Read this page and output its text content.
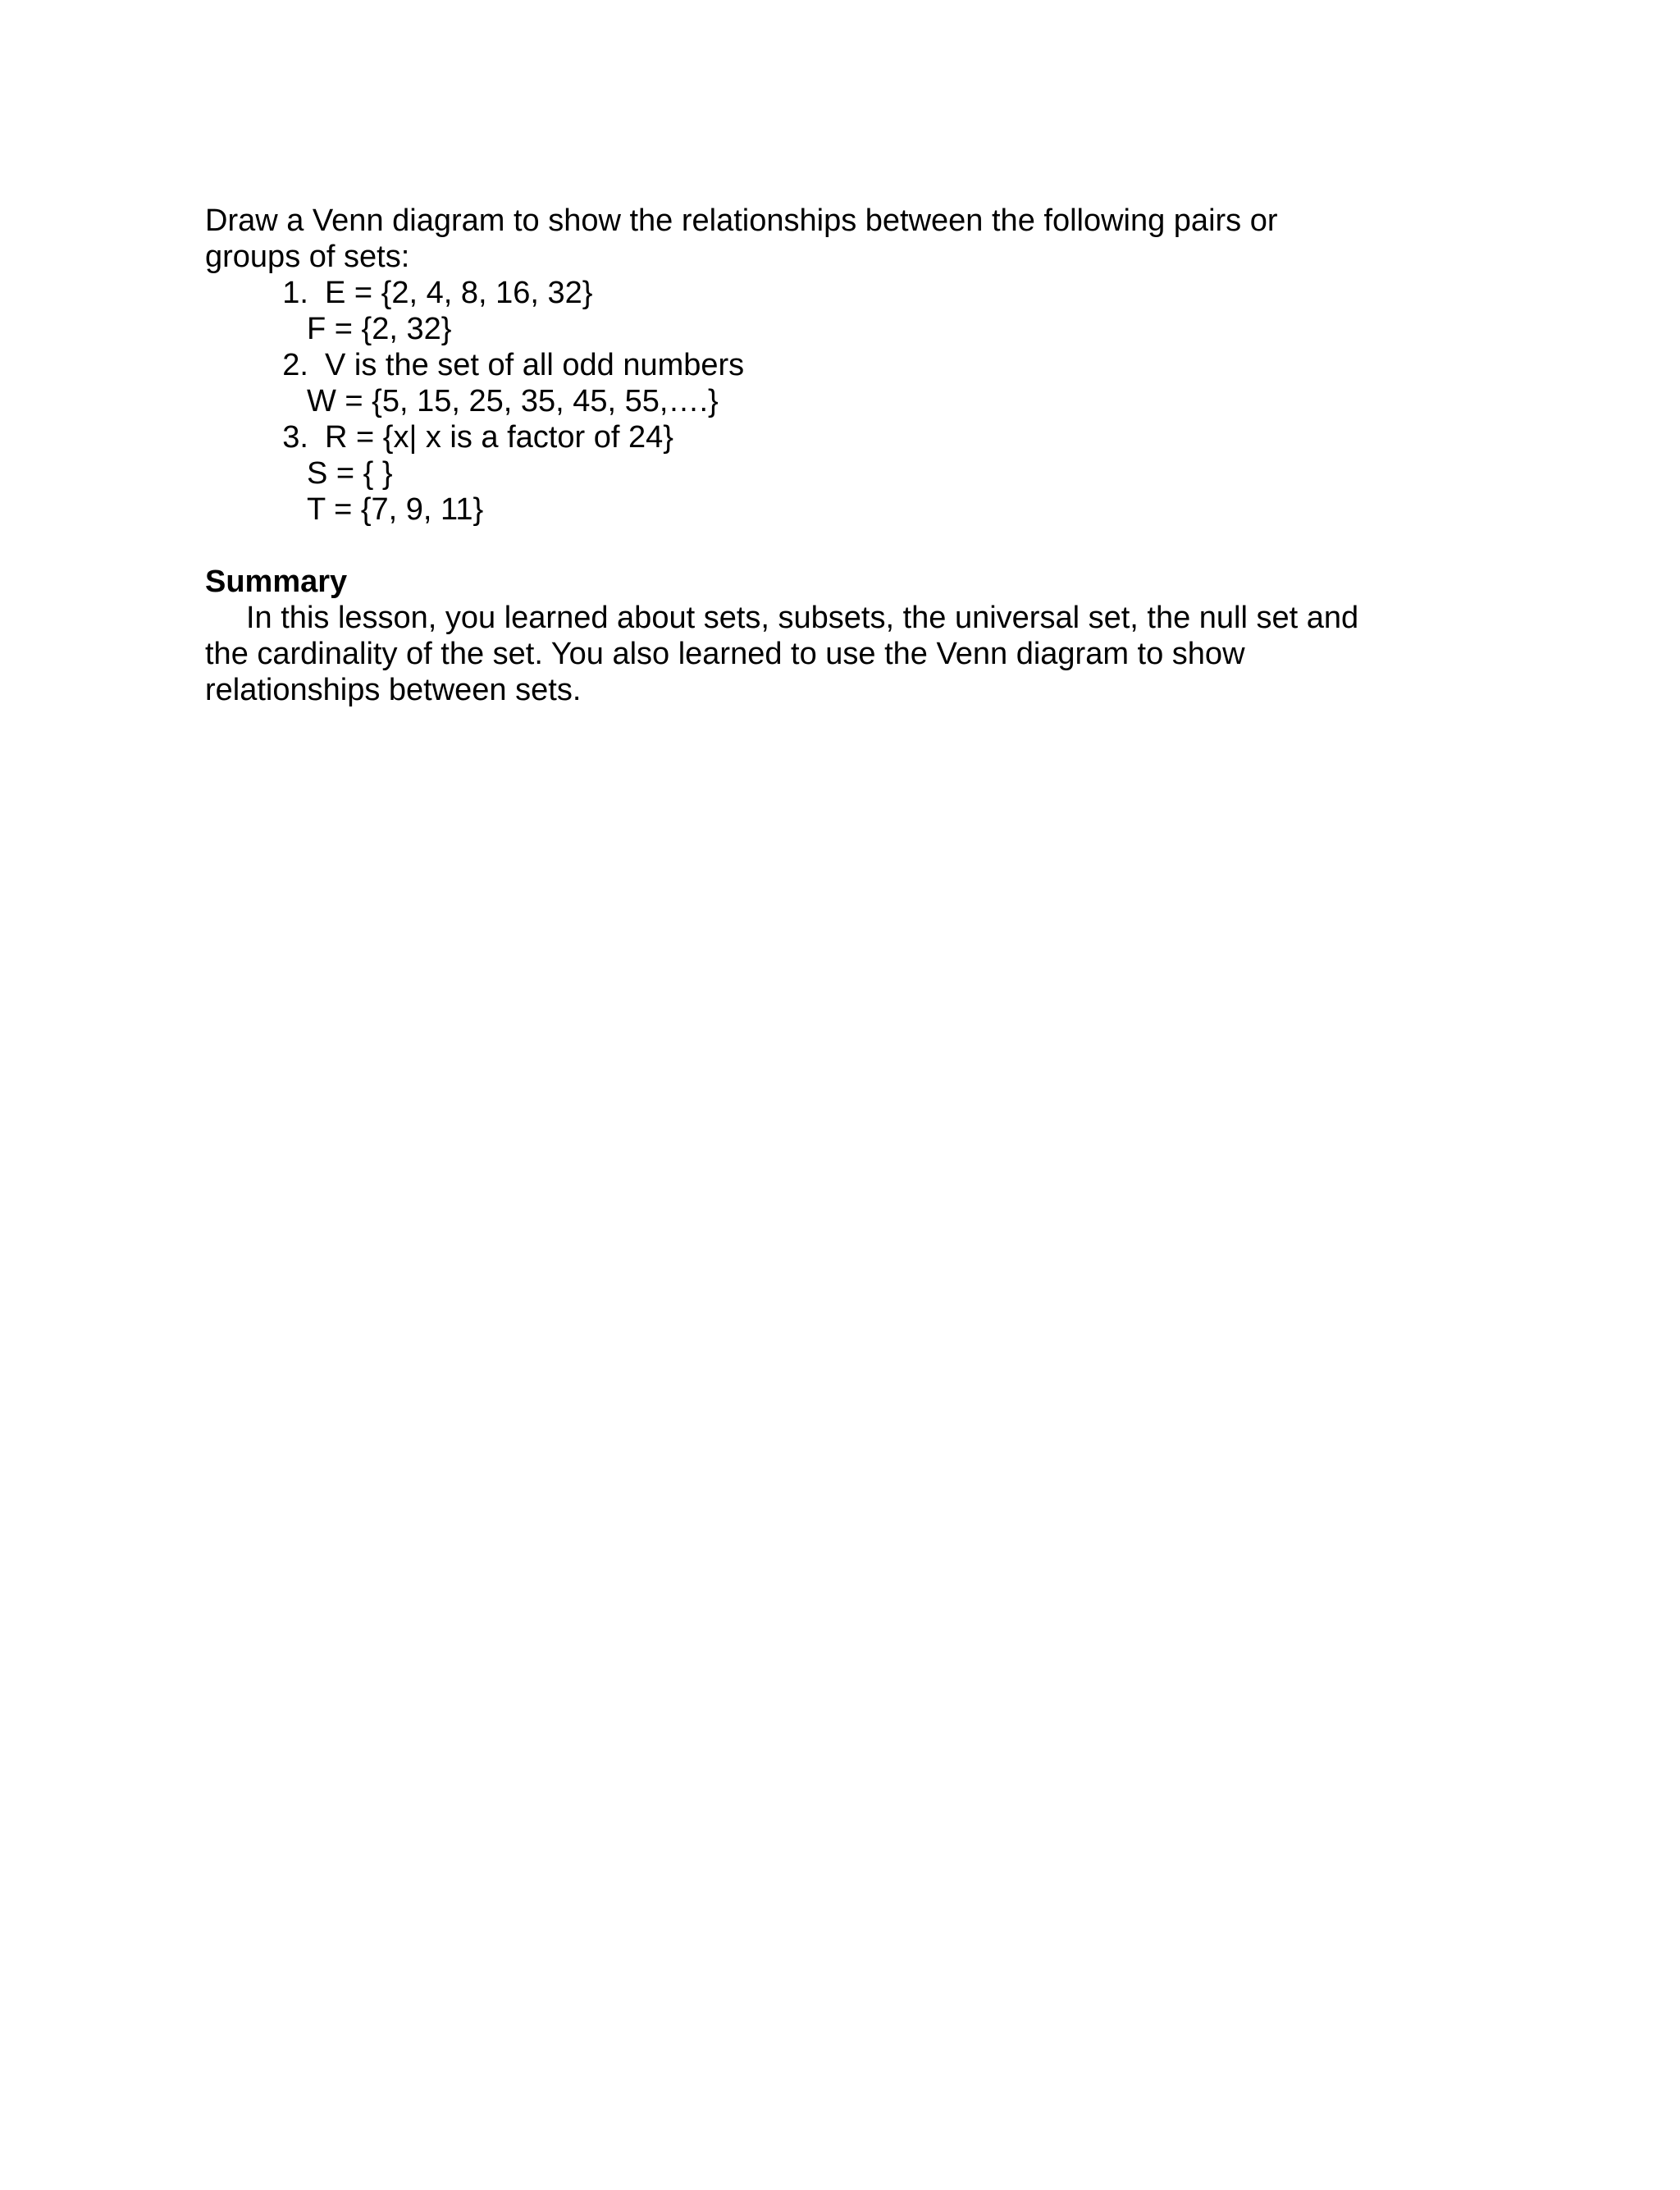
Draw a Venn diagram to show the relationships between the following pairs or
groups of sets:
1. E = {2, 4, 8, 16, 32}
F = {2, 32}
2. V is the set of all odd numbers
W = {5, 15, 25, 35, 45, 55,….}
3. R = {x| x is a factor of 24}
S = { }
T = {7, 9, 11}
Summary
In this lesson, you learned about sets, subsets, the universal set, the null set and
the cardinality of the set. You also learned to use the Venn diagram to show
relationships between sets.
